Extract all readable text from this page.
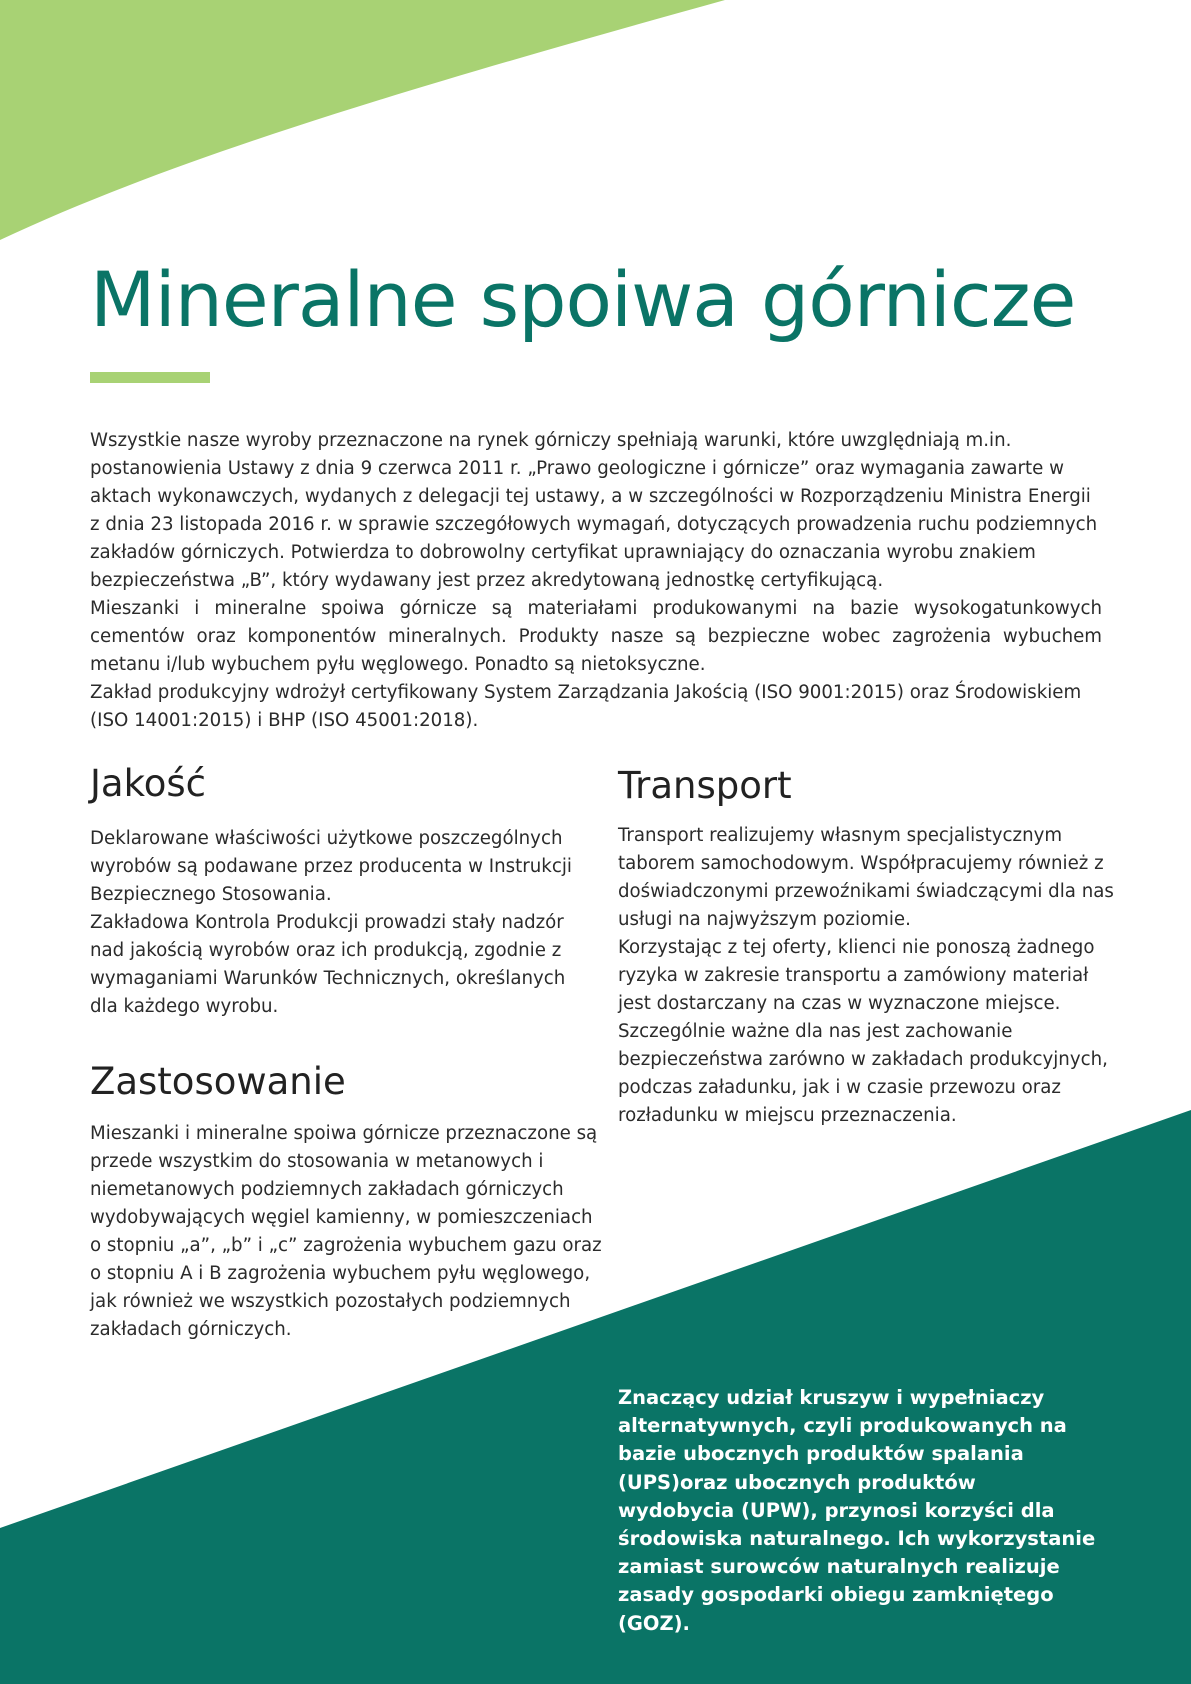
Mineralne spoiwa górnicze

Wszystkie nasze wyroby przeznaczone na rynek górniczy spełniają warunki, które uwzględniają m.in. postanowienia Ustawy z dnia 9 czerwca 2011 r. „Prawo geologiczne i górnicze” oraz wymagania zawarte w aktach wykonawczych, wydanych z delegacji tej ustawy, a w szczególności w Rozporządzeniu Ministra Energii z dnia 23 listopada 2016 r. w sprawie szczegółowych wymagań, dotyczących prowadzenia ruchu podziemnych zakładów górniczych. Potwierdza to dobrowolny certyfikat uprawniający do oznaczania wyrobu znakiem bezpieczeństwa „B”, który wydawany jest przez akredytowaną jednostkę certyfikującą.

Mieszanki i mineralne spoiwa górnicze są materiałami produkowanymi na bazie wysokogatunkowych cementów oraz komponentów mineralnych. Produkty nasze są bezpieczne wobec zagrożenia wybuchem metanu i/lub wybuchem pyłu węglowego. Ponadto są nietoksyczne.

Zakład produkcyjny wdrożył certyfikowany System Zarządzania Jakością (ISO 9001:2015) oraz Środowiskiem (ISO 14001:2015) i BHP (ISO 45001:2018).

Jakość

Deklarowane właściwości użytkowe poszczególnych wyrobów są podawane przez producenta w Instrukcji Bezpiecznego Stosowania.

Zakładowa Kontrola Produkcji prowadzi stały nadzór nad jakością wyrobów oraz ich produkcją, zgodnie z wymaganiami Warunków Technicznych, określanych dla każdego wyrobu.

Zastosowanie

Mieszanki i mineralne spoiwa górnicze przeznaczone są przede wszystkim do stosowania w metanowych i niemetanowych podziemnych zakładach górniczych wydobywających węgiel kamienny, w pomieszczeniach o stopniu „a”, „b” i „c” zagrożenia wybuchem gazu oraz o stopniu A i B zagrożenia wybuchem pyłu węglowego, jak również we wszystkich pozostałych podziemnych zakładach górniczych.

Transport

Transport realizujemy własnym specjalistycznym taborem samochodowym. Współpracujemy również z doświadczonymi przewoźnikami świadczącymi dla nas usługi na najwyższym poziomie.

Korzystając z tej oferty, klienci nie ponoszą żadnego ryzyka w zakresie transportu a zamówiony materiał jest dostarczany na czas w wyznaczone miejsce.

Szczególnie ważne dla nas jest zachowanie bezpieczeństwa zarówno w zakładach produkcyjnych, podczas załadunku, jak i w czasie przewozu oraz rozładunku w miejscu przeznaczenia.

Znaczący udział kruszyw i wypełniaczy alternatywnych, czyli produkowanych na bazie ubocznych produktów spalania (UPS)oraz ubocznych produktów wydobycia (UPW), przynosi korzyści dla środowiska naturalnego. Ich wykorzystanie zamiast surowców naturalnych realizuje zasady gospodarki obiegu zamkniętego (GOZ).
